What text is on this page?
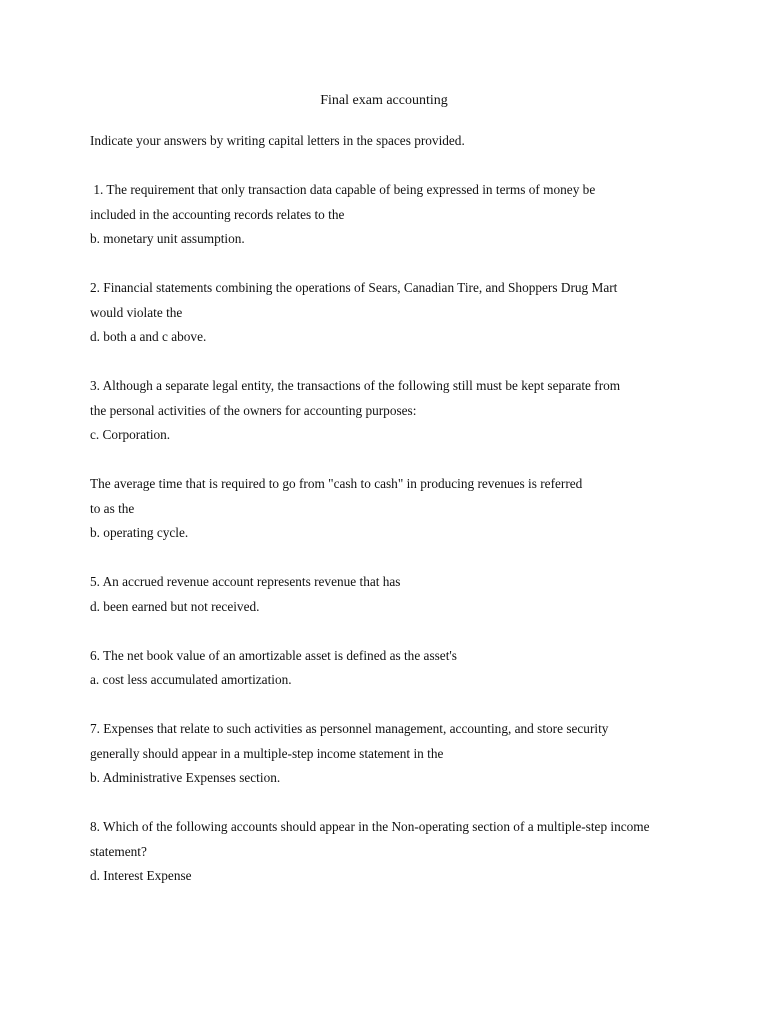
Final exam accounting
Indicate your answers by writing capital letters in the spaces provided.
1. The requirement that only transaction data capable of being expressed in terms of money be
included in the accounting records relates to the
b. monetary unit assumption.
2. Financial statements combining the operations of Sears, Canadian Tire, and Shoppers Drug Mart
would violate the
d. both a and c above.
3. Although a separate legal entity, the transactions of the following still must be kept separate from
the personal activities of the owners for accounting purposes:
c. Corporation.
The average time that is required to go from "cash to cash" in producing revenues is referred
to as the
b. operating cycle.
5. An accrued revenue account represents revenue that has
d. been earned but not received.
6. The net book value of an amortizable asset is defined as the asset's
a. cost less accumulated amortization.
7. Expenses that relate to such activities as personnel management, accounting, and store security
generally should appear in a multiple-step income statement in the
b. Administrative Expenses section.
8. Which of the following accounts should appear in the Non-operating section of a multiple-step income
statement?
d. Interest Expense
